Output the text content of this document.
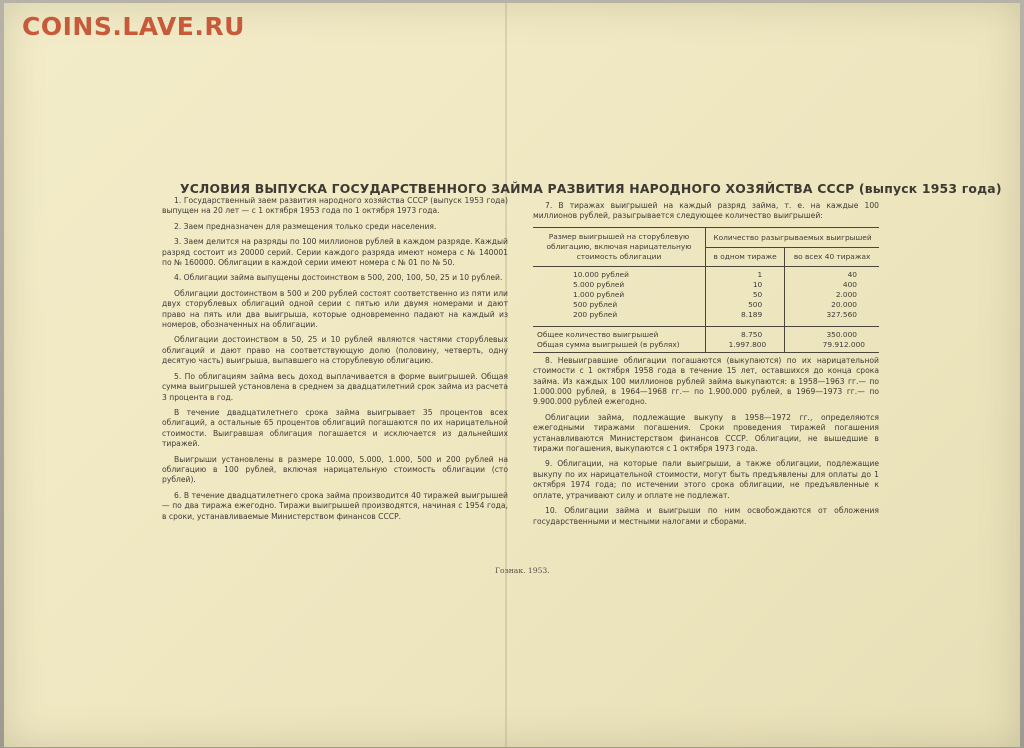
COINS.LAVE.RU
УСЛОВИЯ ВЫПУСКА ГОСУДАРСТВЕННОГО ЗАЙМА РАЗВИТИЯ НАРОДНОГО ХОЗЯЙСТВА СССР (выпуск 1953 года)

1. Государственный заем развития народного хозяйства СССР (выпуск 1953 года) выпущен на 20 лет — с 1 октября 1953 года по 1 октября 1973 года.

2. Заем предназначен для размещения только среди населения.

3. Заем делится на разряды по 100 миллионов рублей в каждом разряде. Каждый разряд состоит из 20000 серий. Серии каждого разряда имеют номера с № 140001 по № 160000. Облигации в каждой серии имеют номера с № 01 по № 50.

4. Облигации займа выпущены достоинством в 500, 200, 100, 50, 25 и 10 рублей.

Облигации достоинством в 500 и 200 рублей состоят соответственно из пяти или двух сторублевых облигаций одной серии с пятью или двумя номерами и дают право на пять или два выигрыша, которые одновременно падают на каждый из номеров, обозначенных на облигации.

Облигации достоинством в 50, 25 и 10 рублей являются частями сторублевых облигаций и дают право на соответствующую долю (половину, четверть, одну десятую часть) выигрыша, выпавшего на сторублевую облигацию.

5. По облигациям займа весь доход выплачивается в форме выигрышей. Общая сумма выигрышей установлена в среднем за двадцатилетний срок займа из расчета 3 процента в год.

В течение двадцатилетнего срока займа выигрывает 35 процентов всех облигаций, а остальные 65 процентов облигаций погашаются по их нарицательной стоимости. Выигравшая облигация погашается и исключается из дальнейших тиражей.

Выигрыши установлены в размере 10.000, 5.000, 1.000, 500 и 200 рублей на облигацию в 100 рублей, включая нарицательную стоимость облигации (сто рублей).

6. В течение двадцатилетнего срока займа производится 40 тиражей выигрышей — по два тиража ежегодно. Тиражи выигрышей производятся, начиная с 1954 года, в сроки, устанавливаемые Министерством финансов СССР.

7. В тиражах выигрышей на каждый разряд займа, т. е. на каждые 100 миллионов рублей, разыгрывается следующее количество выигрышей:

Размер выигрышей на сторублевую облигацию, включая нарицательную стоимость облигации	Количество разыгрываемых выигрышей	
	в одном тираже	во всех 40 тиражах
10.000 рублей	1	40
5.000 рублей	10	400
1.000 рублей	50	2.000
500 рублей	500	20.000
200 рублей	8.189	327.560
Общее количество выигрышей	8.750	350.000
Общая сумма выигрышей (в рублях)	1.997.800	79.912.000

8. Невыигравшие облигации погашаются (выкупаются) по их нарицательной стоимости с 1 октября 1958 года в течение 15 лет, оставшихся до конца срока займа. Из каждых 100 миллионов рублей займа выкупаются: в 1958—1963 гг.— по 1.000.000 рублей, в 1964—1968 гг.— по 1.900.000 рублей, в 1969—1973 гг.— по 9.900.000 рублей ежегодно.

Облигации займа, подлежащие выкупу в 1958—1972 гг., определяются ежегодными тиражами погашения. Сроки проведения тиражей погашения устанавливаются Министерством финансов СССР. Облигации, не вышедшие в тиражи погашения, выкупаются с 1 октября 1973 года.

9. Облигации, на которые пали выигрыши, а также облигации, подлежащие выкупу по их нарицательной стоимости, могут быть предъявлены для оплаты до 1 октября 1974 года; по истечении этого срока облигации, не предъявленные к оплате, утрачивают силу и оплате не подлежат.

10. Облигации займа и выигрыши по ним освобождаются от обложения государственными и местными налогами и сборами.

Гознак. 1953.
